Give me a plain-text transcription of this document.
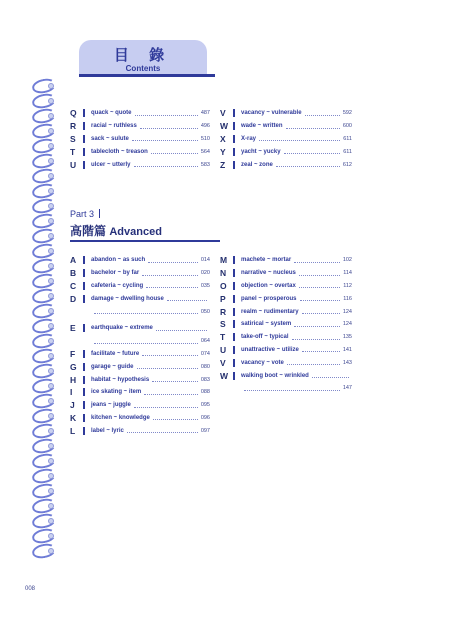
目 錄
Contents
Q	quack ~ quote	487
R	racial ~ ruthless	496
S	sack ~ sulute	510
T	tablecloth ~ treason	564
U	ulcer ~ utterly	583
V	vacancy ~ vulnerable	592
W	wade ~ written	600
X	X-ray	611
Y	yacht ~ yucky	611
Z	zeal ~ zone	612
Part 3
高階篇 Advanced
A	abandon ~ as such	014
B	bachelor ~ by far	020
C	cafeteria ~ cycling	035
D	damage ~ dwelling house
050
E	earthquake ~ extreme
064
F	facilitate ~ future	074
G	garage ~ guide	080
H	habitat ~ hypothesis	083
I	ice skating ~ item	088
J	jeans ~ juggle	095
K	kitchen ~ knowledge	096
L	label ~ lyric	097
M	machete ~ mortar	102
N	narrative ~ nucleus	114
O	objection ~ overtax	112
P	panel ~ prosperous	116
R	realm ~ rudimentary	124
S	satirical ~ system	124
T	take-off ~ typical	135
U	unattractive ~ utilize	141
V	vacancy ~ vote	143
W	walking boot ~ wrinkled
147
008
